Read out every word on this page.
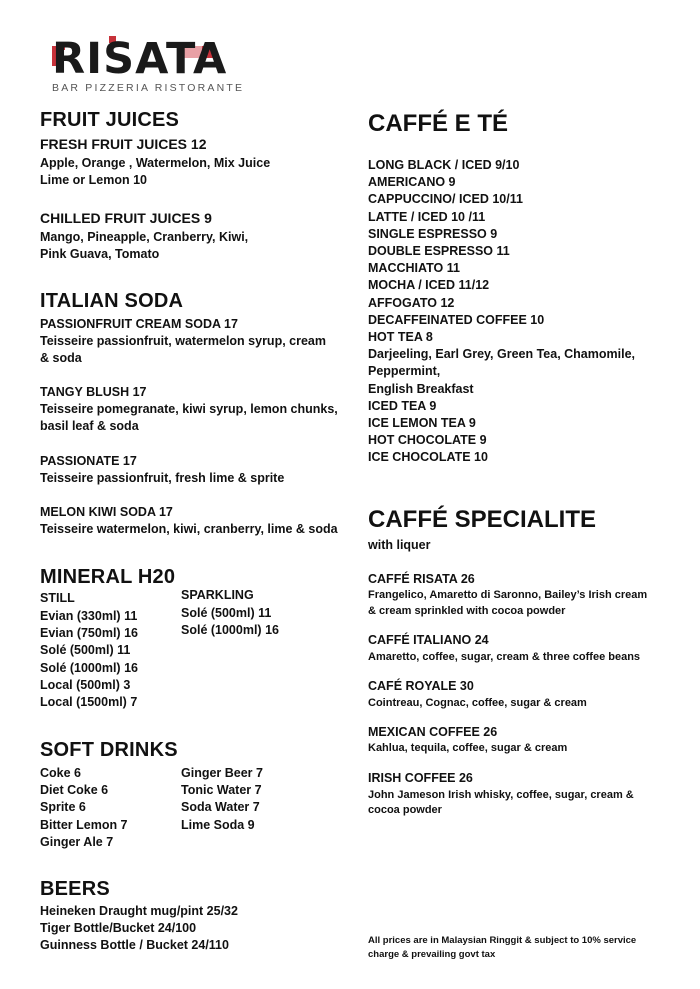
RISATA
BAR PIZZERIA RISTORANTE
FRUIT JUICES
FRESH FRUIT JUICES 12
Apple, Orange , Watermelon, Mix Juice
Lime or Lemon 10
CHILLED FRUIT JUICES 9
Mango, Pineapple, Cranberry, Kiwi,
Pink Guava, Tomato
ITALIAN SODA
PASSIONFRUIT CREAM SODA 17
Teisseire passionfruit, watermelon syrup, cream
& soda
TANGY BLUSH 17
Teisseire pomegranate, kiwi syrup, lemon chunks,
basil leaf & soda
PASSIONATE 17
Teisseire passionfruit, fresh lime & sprite
MELON KIWI SODA 17
Teisseire watermelon, kiwi, cranberry, lime & soda
MINERAL H20
STILL
Evian (330ml) 11
Evian (750ml) 16
Solé (500ml) 11
Solé (1000ml) 16
Local (500ml) 3
Local (1500ml) 7
SPARKLING
Solé (500ml) 11
Solé (1000ml) 16
SOFT DRINKS
Coke 6
Diet Coke 6
Sprite 6
Bitter Lemon 7
Ginger Ale 7
Ginger Beer 7
Tonic Water 7
Soda Water 7
Lime Soda 9
BEERS
Heineken Draught mug/pint 25/32
Tiger Bottle/Bucket 24/100
Guinness Bottle / Bucket 24/110
CAFFÉ E TÉ
LONG BLACK / ICED 9/10
AMERICANO 9
CAPPUCCINO/ ICED 10/11
LATTE / ICED 10 /11
SINGLE ESPRESSO 9
DOUBLE ESPRESSO 11
MACCHIATO 11
MOCHA / ICED 11/12
AFFOGATO 12
DECAFFEINATED COFFEE 10
HOT TEA 8
Darjeeling, Earl Grey, Green Tea, Chamomile,
Peppermint,
English Breakfast
ICED TEA 9
ICE LEMON TEA 9
HOT CHOCOLATE 9
ICE CHOCOLATE 10
CAFFÉ SPECIALITE
with liquer
CAFFÉ RISATA 26
Frangelico, Amaretto di Saronno, Bailey’s Irish cream
& cream sprinkled with cocoa powder
CAFFÉ ITALIANO 24
Amaretto, coffee, sugar, cream & three coffee beans
CAFÉ ROYALE 30
Cointreau, Cognac, coffee, sugar & cream
MEXICAN COFFEE 26
Kahlua, tequila, coffee, sugar & cream
IRISH COFFEE 26
John Jameson Irish whisky, coffee, sugar, cream &
cocoa powder
All prices are in Malaysian Ringgit & subject to 10% service
charge & prevailing govt tax
